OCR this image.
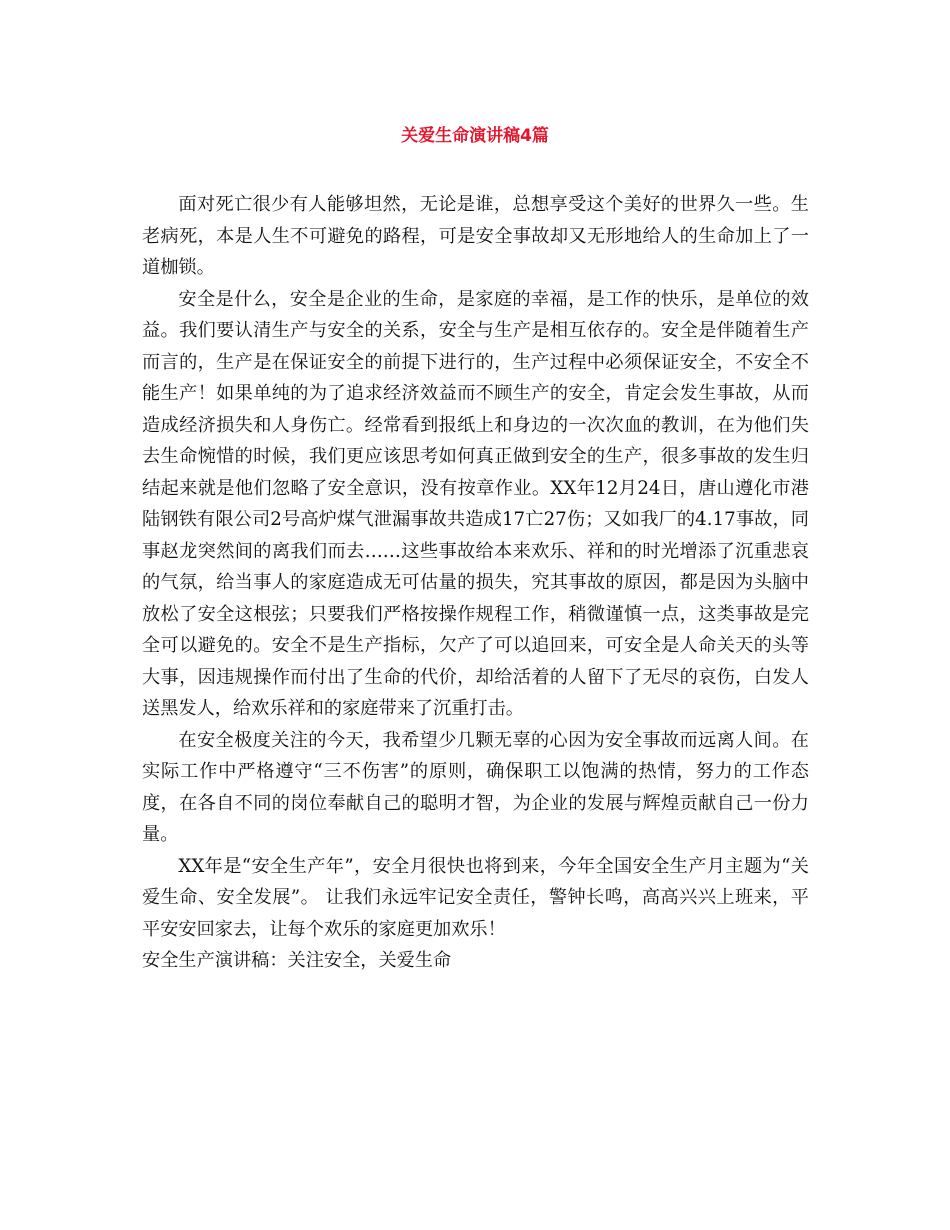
关爱生命演讲稿4篇

面对死亡很少有人能够坦然，无论是谁，总想享受这个美好的世界久一些。生老病死，本是人生不可避免的路程，可是安全事故却又无形地给人的生命加上了一道枷锁。

安全是什么，安全是企业的生命，是家庭的幸福，是工作的快乐，是单位的效益。我们要认清生产与安全的关系，安全与生产是相互依存的。安全是伴随着生产而言的，生产是在保证安全的前提下进行的，生产过程中必须保证安全，不安全不能生产！如果单纯的为了追求经济效益而不顾生产的安全，肯定会发生事故，从而造成经济损失和人身伤亡。经常看到报纸上和身边的一次次血的教训，在为他们失去生命惋惜的时候，我们更应该思考如何真正做到安全的生产，很多事故的发生归结起来就是他们忽略了安全意识，没有按章作业。XX年12月24日，唐山遵化市港陆钢铁有限公司2号高炉煤气泄漏事故共造成17亡27伤；又如我厂的4.17事故，同事赵龙突然间的离我们而去……这些事故给本来欢乐、祥和的时光增添了沉重悲哀的气氛，给当事人的家庭造成无可估量的损失，究其事故的原因，都是因为头脑中放松了安全这根弦；只要我们严格按操作规程工作，稍微谨慎一点，这类事故是完全可以避免的。安全不是生产指标，欠产了可以追回来，可安全是人命关天的头等大事，因违规操作而付出了生命的代价，却给活着的人留下了无尽的哀伤，白发人送黑发人，给欢乐祥和的家庭带来了沉重打击。

在安全极度关注的今天，我希望少几颗无辜的心因为安全事故而远离人间。在实际工作中严格遵守“三不伤害”的原则，确保职工以饱满的热情，努力的工作态度，在各自不同的岗位奉献自己的聪明才智，为企业的发展与辉煌贡献自己一份力量。

XX年是“安全生产年”，安全月很快也将到来，今年全国安全生产月主题为“关爱生命、安全发展”。 让我们永远牢记安全责任，警钟长鸣，高高兴兴上班来，平平安安回家去，让每个欢乐的家庭更加欢乐！

安全生产演讲稿：关注安全，关爱生命
